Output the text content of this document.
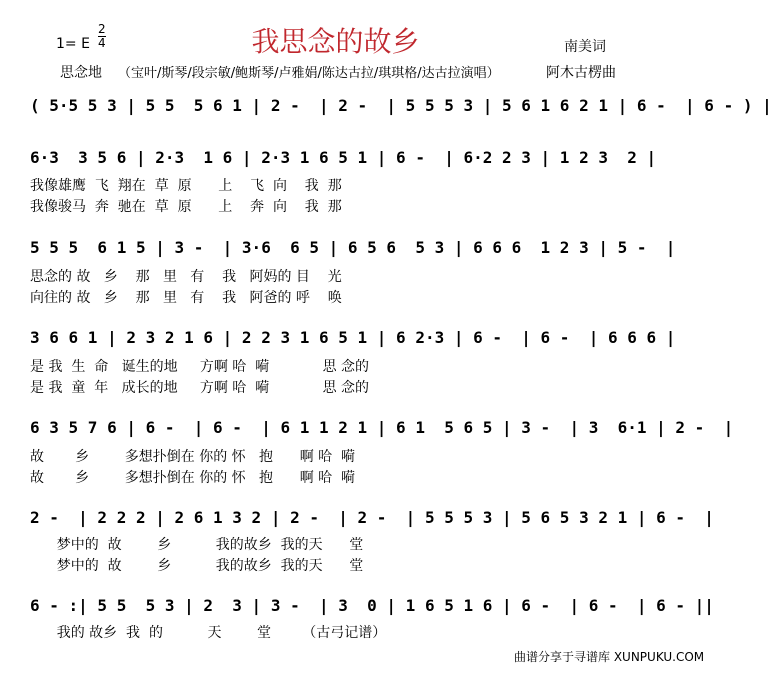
我思念的故乡
1= E
2
4	南美词
思念地 （宝叶/斯琴/段宗敏/鲍斯琴/卢雅娟/陈达古拉/琪琪格/达古拉演唱）	阿木古楞曲
( 5·5 5 3 | 5 5  5 6 1 | 2 -  | 2 -  | 5 5 5 3 | 5 6 1 6 2 1 | 6 -  | 6 - ) |
6·3  3 5 6 | 2·3  1 6 | 2·3 1 6 5 1 | 6 -  | 6·2 2 3 | 1 2 3  2 |
我像雄鹰  飞  翔在  草  原      上    飞  向    我  那
我像骏马  奔  驰在  草  原      上    奔  向    我  那
5 5 5  6 1 5 | 3 -  | 3·6  6 5 | 6 5 6  5 3 | 6 6 6  1 2 3 | 5 -  |
思念的 故   乡    那   里   有    我   阿妈的 目    光
向往的 故   乡    那   里   有    我   阿爸的 呼    唤
3 6 6 1 | 2 3 2 1 6 | 2 2 3 1 6 5 1 | 6 2·3 | 6 -  | 6 -  | 6 6 6 |
是 我  生  命   诞生的地     方啊 哈  嗬            思 念的
是 我  童  年   成长的地     方啊 哈  嗬            思 念的
6 3 5 7 6 | 6 -  | 6 -  | 6 1 1 2 1 | 6 1  5 6 5 | 3 -  | 3  6·1 | 2 -  |
故       乡        多想扑倒在 你的 怀   抱      啊 哈  嗬
故       乡        多想扑倒在 你的 怀   抱      啊 哈  嗬
2 -  | 2 2 2 | 2 6 1 3 2 | 2 -  | 2 -  | 5 5 5 3 | 5 6 5 3 2 1 | 6 -  |
梦中的  故        乡          我的故乡  我的天      堂
梦中的  故        乡          我的故乡  我的天      堂
6 - :| 5 5  5 3 | 2  3 | 3 -  | 3  0 | 1 6 5 1 6 | 6 -  | 6 -  | 6 - ||
我的 故乡  我  的          天        堂       （古弓记谱）
曲谱分享于寻谱库 XUNPUKU.COM
